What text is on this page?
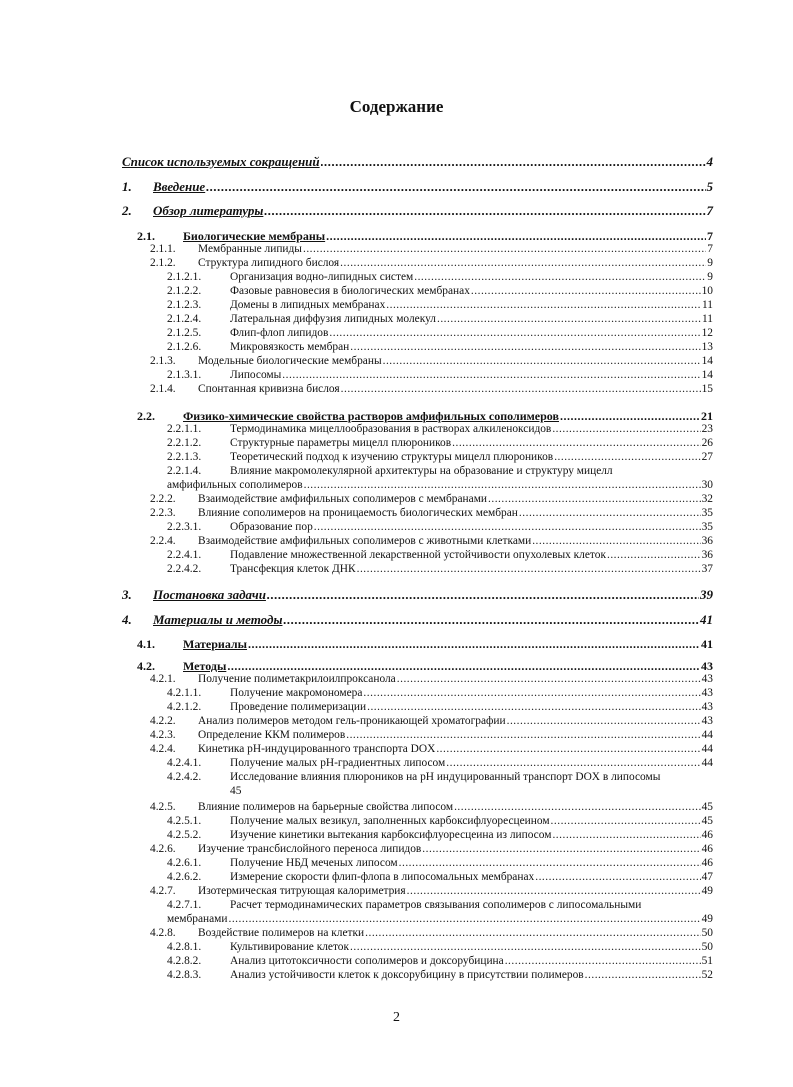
Содержание
Список используемых сокращений .....	4
1.	Введение .....	5
2.	Обзор литературы .....	7
2.1.	Биологические мембраны .....	7
2.1.1.	Мембранные липиды .....	7
2.1.2.	Структура липидного бислоя .....	9
2.1.2.1.	Организация водно-липидных систем .....	9
2.1.2.2.	Фазовые равновесия в биологических мембранах .....	10
2.1.2.3.	Домены в липидных мембранах .....	11
2.1.2.4.	Латеральная диффузия липидных молекул .....	11
2.1.2.5.	Флип-флоп липидов .....	12
2.1.2.6.	Микровязкость мембран .....	13
2.1.3.	Модельные биологические мембраны .....	14
2.1.3.1.	Липосомы .....	14
2.1.4.	Спонтанная кривизна бислоя .....	15
2.2.	Физико-химические свойства растворов амфифильных сополимеров .....	21
2.2.1.1.	Термодинамика мицеллообразования в растворах алкиленоксидов .....	23
2.2.1.2.	Структурные параметры мицелл плюроников .....	26
2.2.1.3.	Теоретический подход к изучению структуры мицелл плюроников .....	27
2.2.1.4.	Влияние макромолекулярной архитектуры на образование и структуру мицелл
амфифильных сополимеров .....	30
2.2.2.	Взаимодействие амфифильных сополимеров с мембранами .....	32
2.2.3.	Влияние сополимеров на проницаемость биологических мембран .....	35
2.2.3.1.	Образование пор .....	35
2.2.4.	Взаимодействие амфифильных сополимеров с животными клетками .....	36
2.2.4.1.	Подавление множественной лекарственной устойчивости опухолевых клеток .....	36
2.2.4.2.	Трансфекция клеток ДНК .....	37
3.	Постановка задачи .....	39
4.	Материалы и методы .....	41
4.1.	Материалы .....	41
4.2.	Методы .....	43
4.2.1.	Получение полиметакрилоилпроксанола .....	43
4.2.1.1.	Получение макромономера .....	43
4.2.1.2.	Проведение полимеризации .....	43
4.2.2.	Анализ полимеров методом гель-проникающей хроматографии .....	43
4.2.3.	Определение ККМ полимеров .....	44
4.2.4.	Кинетика pH-индуцированного транспорта DOX .....	44
4.2.4.1.	Получение малых pH-градиентных липосом .....	44
4.2.4.2.	Исследование влияния плюроников на pH индуцированный транспорт DOX в липосомы
45
4.2.5.	Влияние полимеров на барьерные свойства липосом .....	45
4.2.5.1.	Получение малых везикул, заполненных карбоксифлуоресцеином .....	45
4.2.5.2.	Изучение кинетики вытекания карбоксифлуоресцеина из липосом .....	46
4.2.6.	Изучение трансбислойного переноса липидов .....	46
4.2.6.1.	Получение НБД меченых липосом .....	46
4.2.6.2.	Измерение скорости флип-флопа в липосомальных мембранах .....	47
4.2.7.	Изотермическая титрующая калориметрия .....	49
4.2.7.1.	Расчет термодинамических параметров связывания сополимеров с липосомальными
мембранами .....	49
4.2.8.	Воздействие полимеров на клетки .....	50
4.2.8.1.	Культивирование клеток .....	50
4.2.8.2.	Анализ цитотоксичности сополимеров и доксорубицина .....	51
4.2.8.3.	Анализ устойчивости клеток к доксорубицину в присутствии полимеров .....	52
2
